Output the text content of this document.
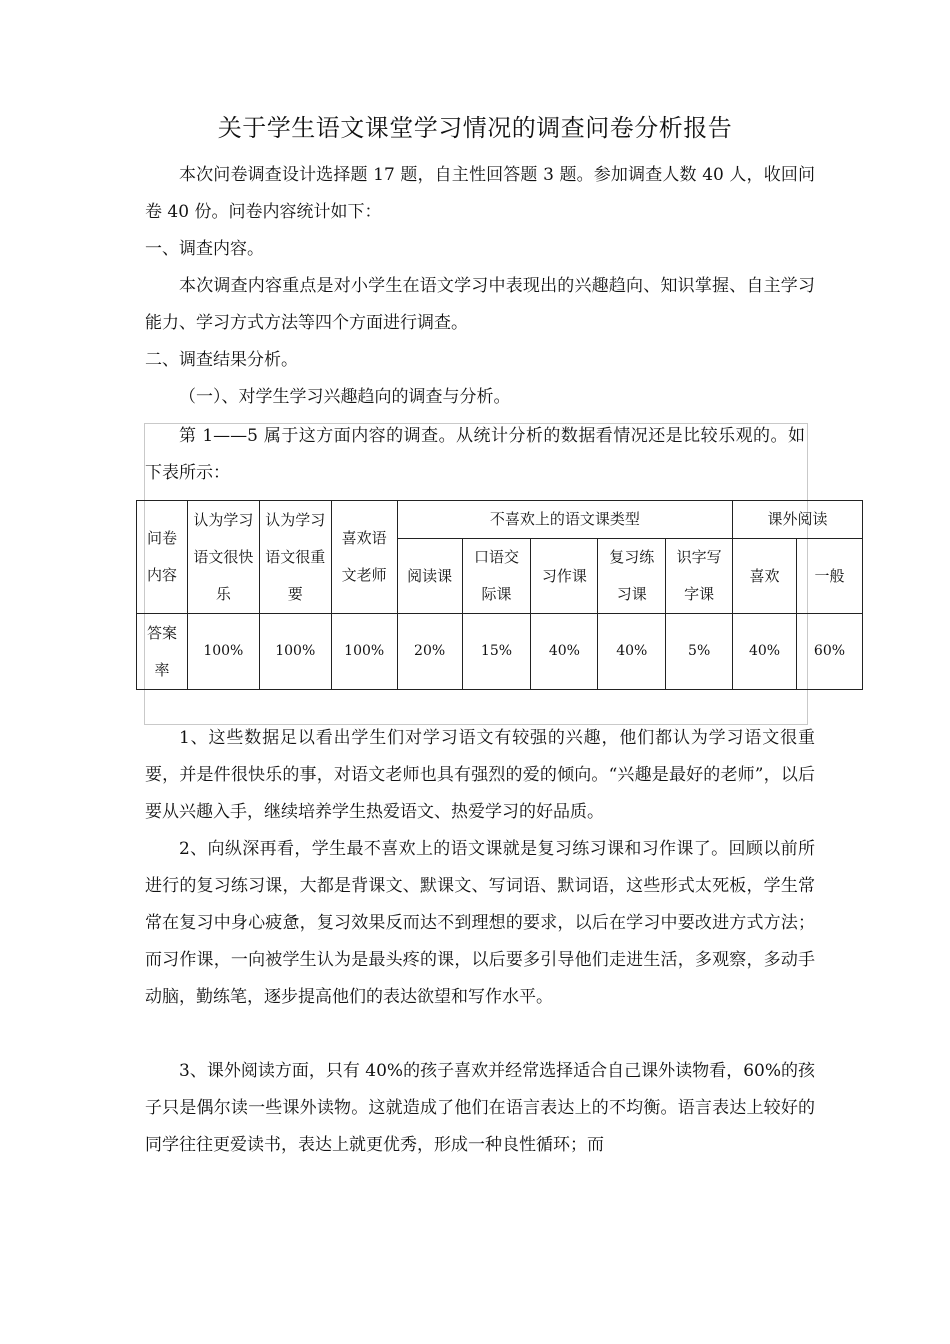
关于学生语文课堂学习情况的调查问卷分析报告

本次问卷调查设计选择题 17 题，自主性回答题 3 题。参加调查人数 40 人，收回问卷 40 份。问卷内容统计如下：

一、调查内容。

本次调查内容重点是对小学生在语文学习中表现出的兴趣趋向、知识掌握、自主学习能力、学习方式方法等四个方面进行调查。

二、调查结果分析。

（一）、对学生学习兴趣趋向的调查与分析。

第 1——5 属于这方面内容的调查。从统计分析的数据看情况还是比较乐观的。如下表所示：

问卷内容	认为学习语文很快乐	认为学习语文很重要	喜欢语文老师	不喜欢上的语文课类型					课外阅读	
				阅读课	口语交际课	习作课	复习练习课	识字写字课	喜欢	一般

答案率	100%	100%	100%	20%	15%	40%	40%	5%	40%	60%

1、这些数据足以看出学生们对学习语文有较强的兴趣，他们都认为学习语文很重要，并是件很快乐的事，对语文老师也具有强烈的爱的倾向。“兴趣是最好的老师”，以后要从兴趣入手，继续培养学生热爱语文、热爱学习的好品质。

2、向纵深再看，学生最不喜欢上的语文课就是复习练习课和习作课了。回顾以前所进行的复习练习课，大都是背课文、默课文、写词语、默词语，这些形式太死板，学生常常在复习中身心疲惫，复习效果反而达不到理想的要求，以后在学习中要改进方式方法；而习作课，一向被学生认为是最头疼的课，以后要多引导他们走进生活，多观察，多动手动脑，勤练笔，逐步提高他们的表达欲望和写作水平。

3、课外阅读方面，只有 40%的孩子喜欢并经常选择适合自己课外读物看，60%的孩子只是偶尔读一些课外读物。这就造成了他们在语言表达上的不均衡。语言表达上较好的同学往往更爱读书，表达上就更优秀，形成一种良性循环；而
